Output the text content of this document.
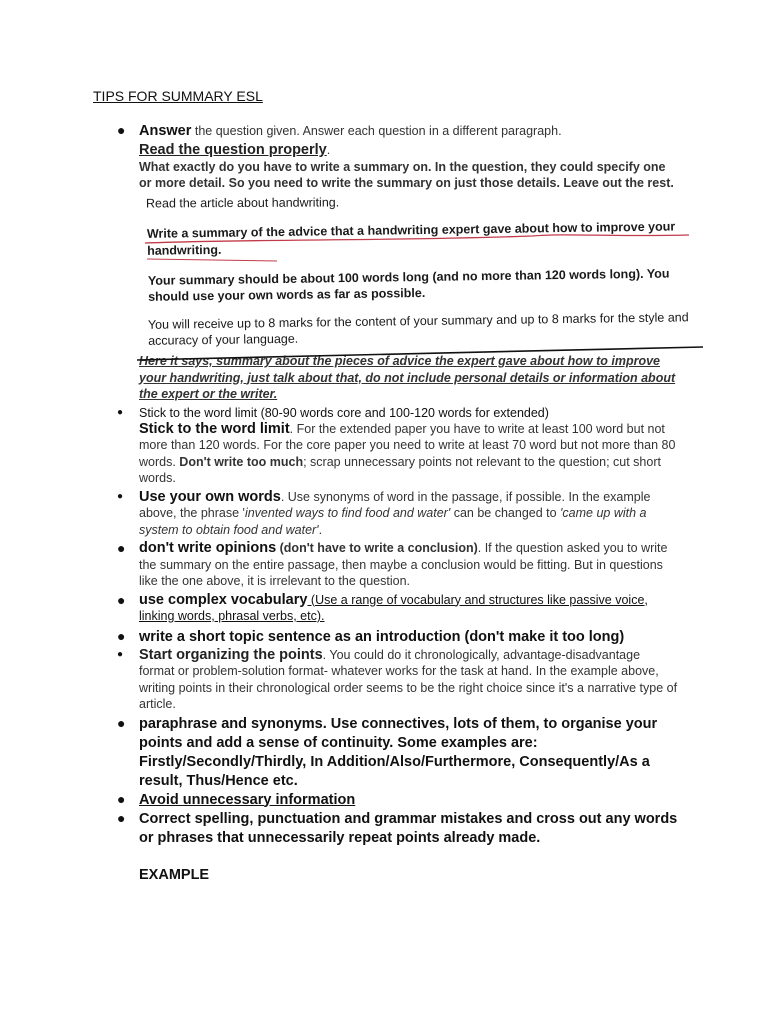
TIPS FOR SUMMARY ESL
● Answer the question given. Answer each question in a different paragraph.
Read the question properly.
What exactly do you have to write a summary on. In the question, they could specify one or more detail. So you need to write the summary on just those details. Leave out the rest.

Read the article about handwriting.

Write a summary of the advice that a handwriting expert gave about how to improve your handwriting.

Your summary should be about 100 words long (and no more than 120 words long). You should use your own words as far as possible.

You will receive up to 8 marks for the content of your summary and up to 8 marks for the style and accuracy of your language.

Here it says, summary about the pieces of advice the expert gave about how to improve your handwriting, just talk about that, do not include personal details or information about the expert or the writer.
● Stick to the word limit (80-90 words core and 100-120 words for extended)
Stick to the word limit. For the extended paper you have to write at least 100 word but not more than 120 words. For the core paper you need to write at least 70 word but not more than 80 words. Don't write too much; scrap unnecessary points not relevant to the question; cut short words.
● Use your own words. Use synonyms of word in the passage, if possible. In the example above, the phrase 'invented ways to find food and water' can be changed to 'came up with a system to obtain food and water'.
● don't write opinions (don't have to write a conclusion). If the question asked you to write the summary on the entire passage, then maybe a conclusion would be fitting. But in questions like the one above, it is irrelevant to the question.
● use complex vocabulary (Use a range of vocabulary and structures like passive voice, linking words, phrasal verbs, etc).
● write a short topic sentence as an introduction (don't make it too long)
● Start organizing the points. You could do it chronologically, advantage-disadvantage format or problem-solution format- whatever works for the task at hand. In the example above, writing points in their chronological order seems to be the right choice since it's a narrative type of article.
● paraphrase and synonyms. Use connectives, lots of them, to organise your points and add a sense of continuity. Some examples are: Firstly/Secondly/Thirdly, In Addition/Also/Furthermore, Consequently/As a result, Thus/Hence etc.
● Avoid unnecessary information
● Correct spelling, punctuation and grammar mistakes and cross out any words or phrases that unnecessarily repeat points already made.
EXAMPLE
